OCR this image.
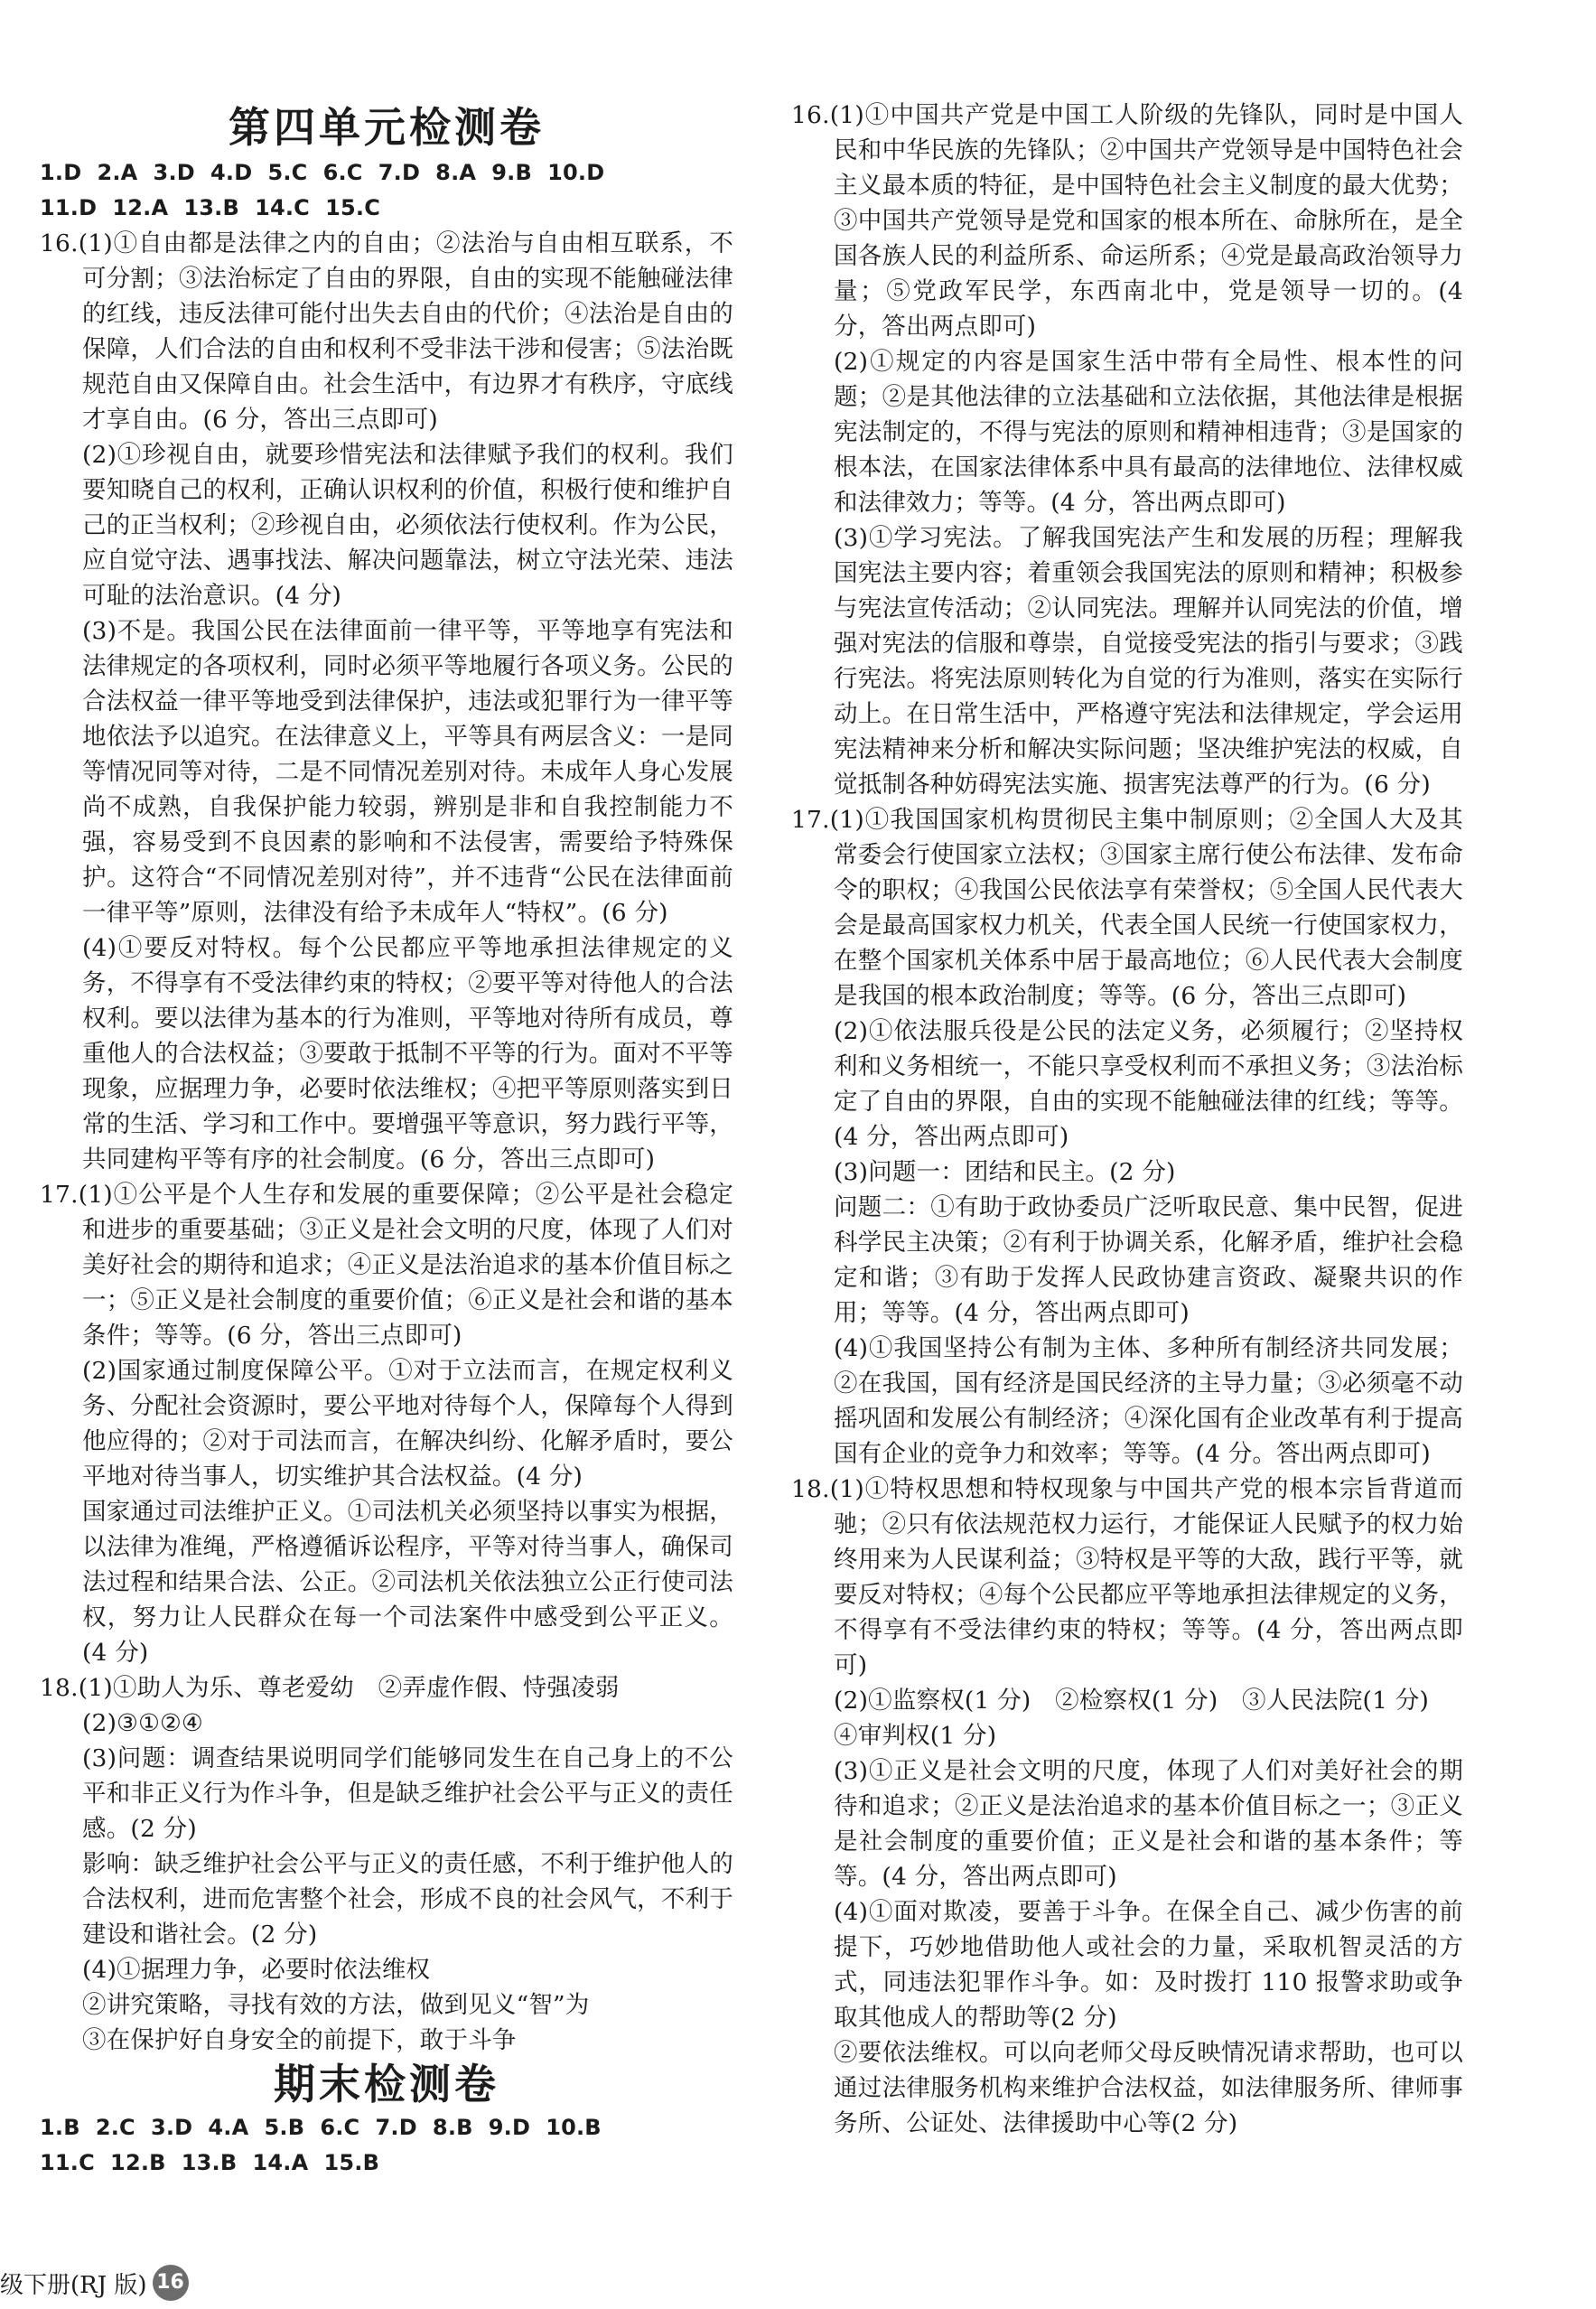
第四单元检测卷
1.D  2.A  3.D  4.D  5.C  6.C  7.D  8.A  9.B  10.D
11.D  12.A  13.B  14.C  15.C
16.(1)①自由都是法律之内的自由；②法治与自由相互联系，不可分割；③法治标定了自由的界限，自由的实现不能触碰法律的红线，违反法律可能付出失去自由的代价；④法治是自由的保障，人们合法的自由和权利不受非法干涉和侵害；⑤法治既规范自由又保障自由。社会生活中，有边界才有秩序，守底线才享自由。(6 分，答出三点即可)
(2)①珍视自由，就要珍惜宪法和法律赋予我们的权利。我们要知晓自己的权利，正确认识权利的价值，积极行使和维护自己的正当权利；②珍视自由，必须依法行使权利。作为公民，应自觉守法、遇事找法、解决问题靠法，树立守法光荣、违法可耻的法治意识。(4 分)
(3)不是。我国公民在法律面前一律平等，平等地享有宪法和法律规定的各项权利，同时必须平等地履行各项义务。公民的合法权益一律平等地受到法律保护，违法或犯罪行为一律平等地依法予以追究。在法律意义上，平等具有两层含义：一是同等情况同等对待，二是不同情况差别对待。未成年人身心发展尚不成熟，自我保护能力较弱，辨别是非和自我控制能力不强，容易受到不良因素的影响和不法侵害，需要给予特殊保护。这符合“不同情况差别对待”，并不违背“公民在法律面前一律平等”原则，法律没有给予未成年人“特权”。(6 分)
(4)①要反对特权。每个公民都应平等地承担法律规定的义务，不得享有不受法律约束的特权；②要平等对待他人的合法权利。要以法律为基本的行为准则，平等地对待所有成员，尊重他人的合法权益；③要敢于抵制不平等的行为。面对不平等现象，应据理力争，必要时依法维权；④把平等原则落实到日常的生活、学习和工作中。要增强平等意识，努力践行平等，共同建构平等有序的社会制度。(6 分，答出三点即可)
17.(1)①公平是个人生存和发展的重要保障；②公平是社会稳定和进步的重要基础；③正义是社会文明的尺度，体现了人们对美好社会的期待和追求；④正义是法治追求的基本价值目标之一；⑤正义是社会制度的重要价值；⑥正义是社会和谐的基本条件；等等。(6 分，答出三点即可)
(2)国家通过制度保障公平。①对于立法而言，在规定权利义务、分配社会资源时，要公平地对待每个人，保障每个人得到他应得的；②对于司法而言，在解决纠纷、化解矛盾时，要公平地对待当事人，切实维护其合法权益。(4 分)
国家通过司法维护正义。①司法机关必须坚持以事实为根据，以法律为准绳，严格遵循诉讼程序，平等对待当事人，确保司法过程和结果合法、公正。②司法机关依法独立公正行使司法权，努力让人民群众在每一个司法案件中感受到公平正义。(4 分)
18.(1)①助人为乐、尊老爱幼　②弄虚作假、恃强凌弱
(2)③①②④
(3)问题：调查结果说明同学们能够同发生在自己身上的不公平和非正义行为作斗争，但是缺乏维护社会公平与正义的责任感。(2 分)
影响：缺乏维护社会公平与正义的责任感，不利于维护他人的合法权利，进而危害整个社会，形成不良的社会风气，不利于建设和谐社会。(2 分)
(4)①据理力争，必要时依法维权
②讲究策略，寻找有效的方法，做到见义“智”为
③在保护好自身安全的前提下，敢于斗争
期末检测卷
1.B  2.C  3.D  4.A  5.B  6.C  7.D  8.B  9.D  10.B
11.C  12.B  13.B  14.A  15.B
16.(1)①中国共产党是中国工人阶级的先锋队，同时是中国人民和中华民族的先锋队；②中国共产党领导是中国特色社会主义最本质的特征，是中国特色社会主义制度的最大优势；③中国共产党领导是党和国家的根本所在、命脉所在，是全国各族人民的利益所系、命运所系；④党是最高政治领导力量；⑤党政军民学，东西南北中，党是领导一切的。(4 分，答出两点即可)
(2)①规定的内容是国家生活中带有全局性、根本性的问题；②是其他法律的立法基础和立法依据，其他法律是根据宪法制定的，不得与宪法的原则和精神相违背；③是国家的根本法，在国家法律体系中具有最高的法律地位、法律权威和法律效力；等等。(4 分，答出两点即可)
(3)①学习宪法。了解我国宪法产生和发展的历程；理解我国宪法主要内容；着重领会我国宪法的原则和精神；积极参与宪法宣传活动；②认同宪法。理解并认同宪法的价值，增强对宪法的信服和尊崇，自觉接受宪法的指引与要求；③践行宪法。将宪法原则转化为自觉的行为准则，落实在实际行动上。在日常生活中，严格遵守宪法和法律规定，学会运用宪法精神来分析和解决实际问题；坚决维护宪法的权威，自觉抵制各种妨碍宪法实施、损害宪法尊严的行为。(6 分)
17.(1)①我国国家机构贯彻民主集中制原则；②全国人大及其常委会行使国家立法权；③国家主席行使公布法律、发布命令的职权；④我国公民依法享有荣誉权；⑤全国人民代表大会是最高国家权力机关，代表全国人民统一行使国家权力，在整个国家机关体系中居于最高地位；⑥人民代表大会制度是我国的根本政治制度；等等。(6 分，答出三点即可)
(2)①依法服兵役是公民的法定义务，必须履行；②坚持权利和义务相统一，不能只享受权利而不承担义务；③法治标定了自由的界限，自由的实现不能触碰法律的红线；等等。(4 分，答出两点即可)
(3)问题一：团结和民主。(2 分)
问题二：①有助于政协委员广泛听取民意、集中民智，促进科学民主决策；②有利于协调关系，化解矛盾，维护社会稳定和谐；③有助于发挥人民政协建言资政、凝聚共识的作用；等等。(4 分，答出两点即可)
(4)①我国坚持公有制为主体、多种所有制经济共同发展；②在我国，国有经济是国民经济的主导力量；③必须毫不动摇巩固和发展公有制经济；④深化国有企业改革有利于提高国有企业的竞争力和效率；等等。(4 分。答出两点即可)
18.(1)①特权思想和特权现象与中国共产党的根本宗旨背道而驰；②只有依法规范权力运行，才能保证人民赋予的权力始终用来为人民谋利益；③特权是平等的大敌，践行平等，就要反对特权；④每个公民都应平等地承担法律规定的义务，不得享有不受法律约束的特权；等等。(4 分，答出两点即可)
(2)①监察权(1 分)　②检察权(1 分)　③人民法院(1 分)
④审判权(1 分)
(3)①正义是社会文明的尺度，体现了人们对美好社会的期待和追求；②正义是法治追求的基本价值目标之一；③正义是社会制度的重要价值；正义是社会和谐的基本条件；等等。(4 分，答出两点即可)
(4)①面对欺凌，要善于斗争。在保全自己、减少伤害的前提下，巧妙地借助他人或社会的力量，采取机智灵活的方式，同违法犯罪作斗争。如：及时拨打 110 报警求助或争取其他成人的帮助等(2 分)
②要依法维权。可以向老师父母反映情况请求帮助，也可以通过法律服务机构来维护合法权益，如法律服务所、律师事务所、公证处、法律援助中心等(2 分)
级下册(RJ 版) 16
